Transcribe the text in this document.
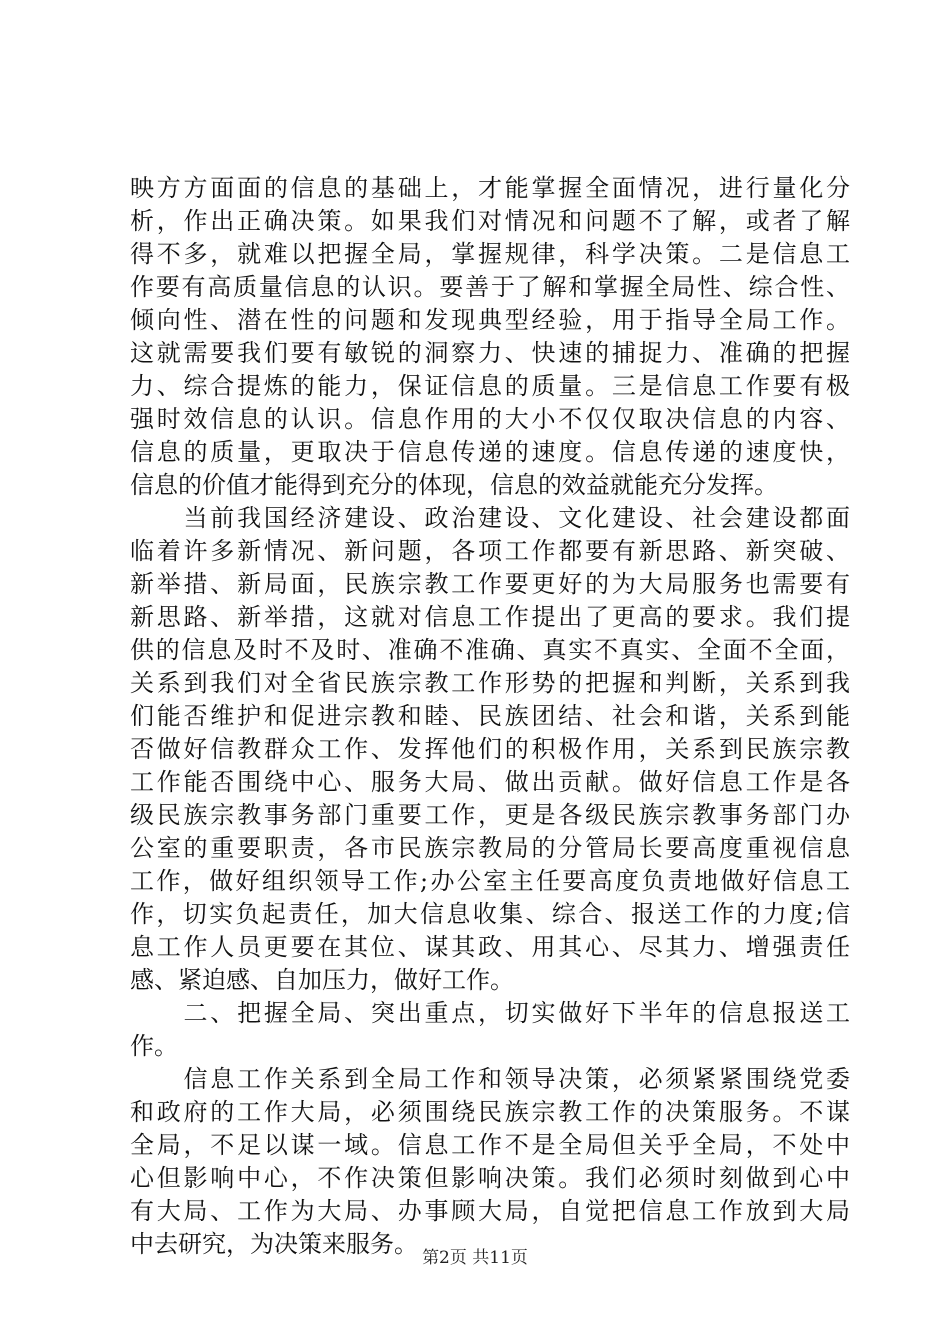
映方方面面的信息的基础上，才能掌握全面情况，进行量化分
析，作出正确决策。如果我们对情况和问题不了解，或者了解
得不多，就难以把握全局，掌握规律，科学决策。二是信息工
作要有高质量信息的认识。要善于了解和掌握全局性、综合性、
倾向性、潜在性的问题和发现典型经验，用于指导全局工作。
这就需要我们要有敏锐的洞察力、快速的捕捉力、准确的把握
力、综合提炼的能力，保证信息的质量。三是信息工作要有极
强时效信息的认识。信息作用的大小不仅仅取决信息的内容、
信息的质量，更取决于信息传递的速度。信息传递的速度快，
信息的价值才能得到充分的体现，信息的效益就能充分发挥。
　　当前我国经济建设、政治建设、文化建设、社会建设都面
临着许多新情况、新问题，各项工作都要有新思路、新突破、
新举措、新局面，民族宗教工作要更好的为大局服务也需要有
新思路、新举措，这就对信息工作提出了更高的要求。我们提
供的信息及时不及时、准确不准确、真实不真实、全面不全面，
关系到我们对全省民族宗教工作形势的把握和判断，关系到我
们能否维护和促进宗教和睦、民族团结、社会和谐，关系到能
否做好信教群众工作、发挥他们的积极作用，关系到民族宗教
工作能否围绕中心、服务大局、做出贡献。做好信息工作是各
级民族宗教事务部门重要工作，更是各级民族宗教事务部门办
公室的重要职责，各市民族宗教局的分管局长要高度重视信息
工作，做好组织领导工作;办公室主任要高度负责地做好信息工
作，切实负起责任，加大信息收集、综合、报送工作的力度;信
息工作人员更要在其位、谋其政、用其心、尽其力、增强责任
感、紧迫感、自加压力，做好工作。
　　二、把握全局、突出重点，切实做好下半年的信息报送工
作。
　　信息工作关系到全局工作和领导决策，必须紧紧围绕党委
和政府的工作大局，必须围绕民族宗教工作的决策服务。不谋
全局，不足以谋一域。信息工作不是全局但关乎全局，不处中
心但影响中心，不作决策但影响决策。我们必须时刻做到心中
有大局、工作为大局、办事顾大局，自觉把信息工作放到大局
中去研究，为决策来服务。 第2页 共11页
